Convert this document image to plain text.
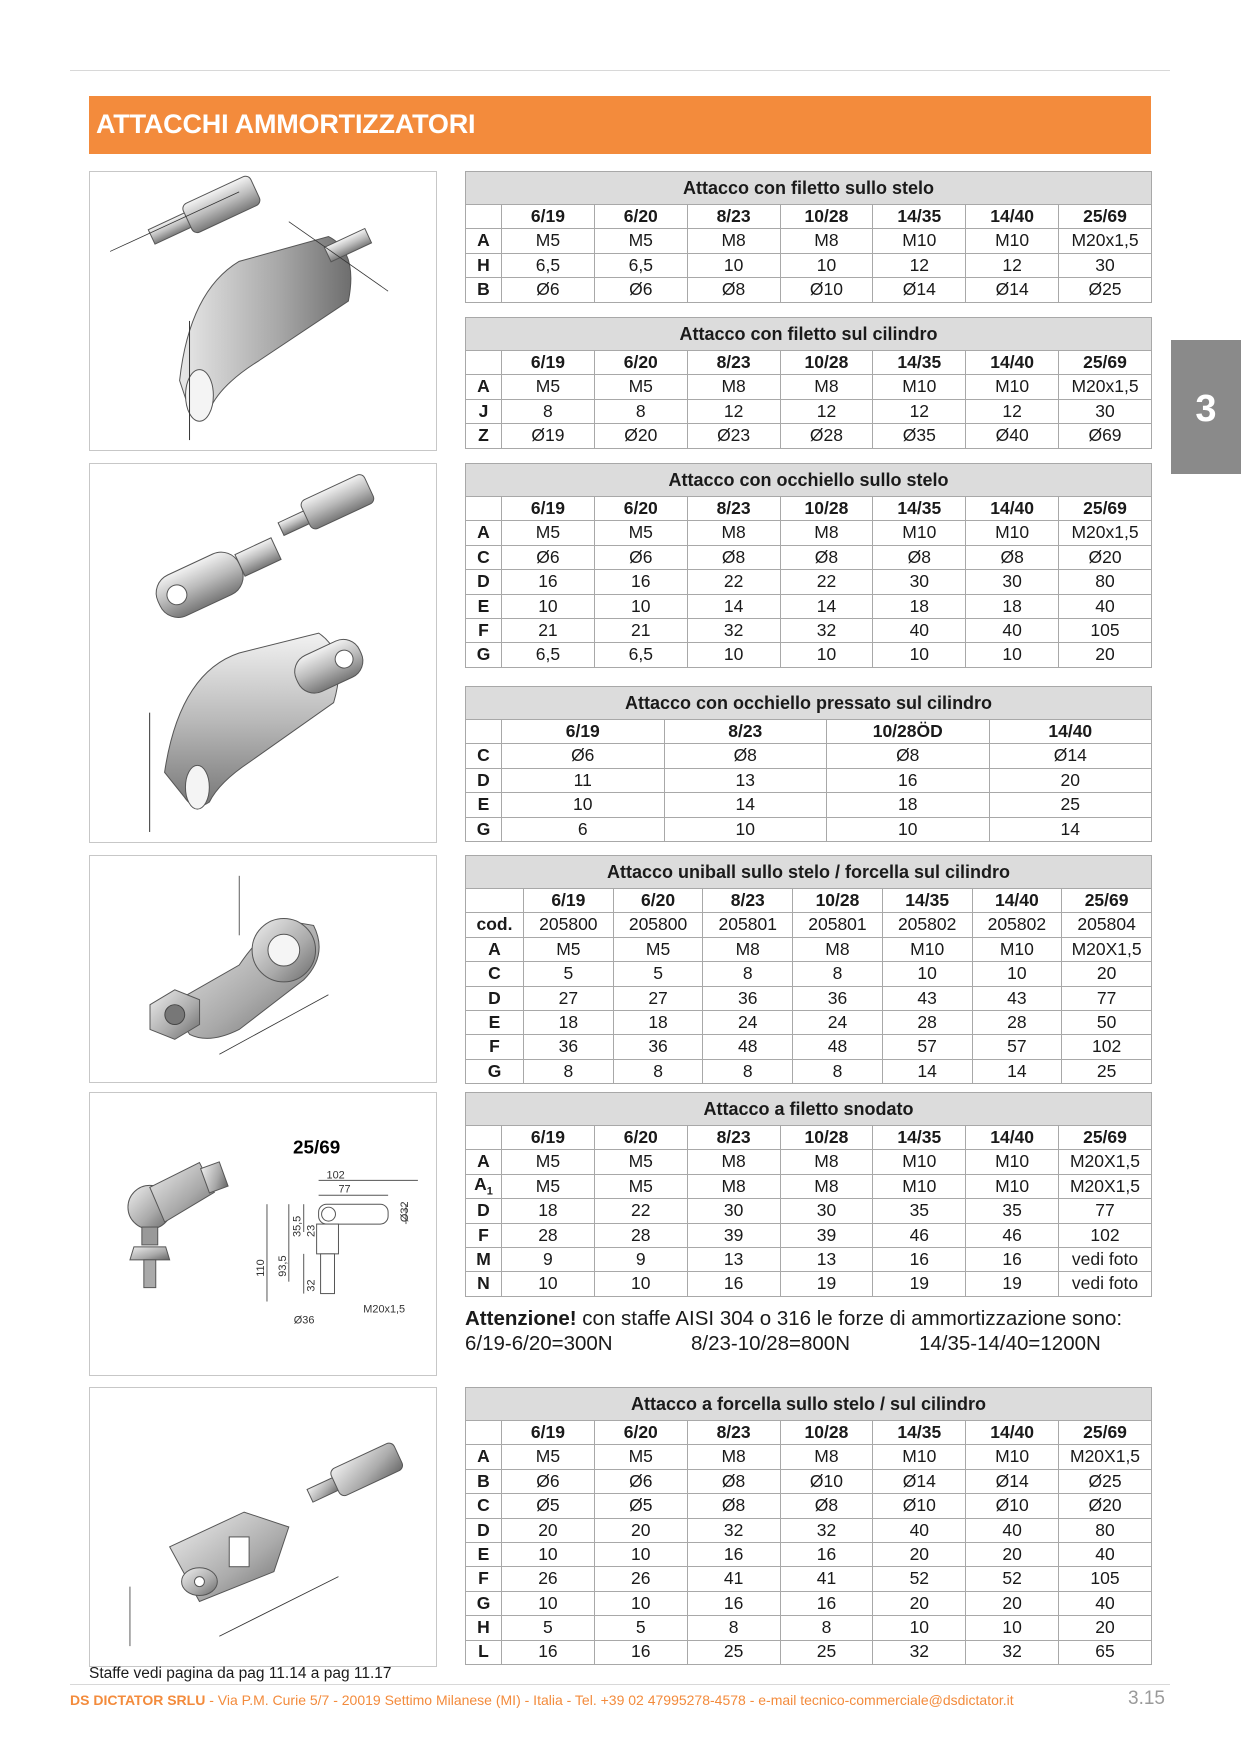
ATTACCHI AMMORTIZZATORI
3
25/69
102
77
Ø32
110 93,5
35,5 23
32
Ø36
M20x1,5
Attacco con filetto sullo stelo							
	6/19	6/20	8/23	10/28	14/35	14/40	25/69
A	M5	M5	M8	M8	M10	M10	M20x1,5
H	6,5	6,5	10	10	12	12	30
B	Ø6	Ø6	Ø8	Ø10	Ø14	Ø14	Ø25
Attacco con filetto sul cilindro							
	6/19	6/20	8/23	10/28	14/35	14/40	25/69
A	M5	M5	M8	M8	M10	M10	M20x1,5
J	8	8	12	12	12	12	30
Z	Ø19	Ø20	Ø23	Ø28	Ø35	Ø40	Ø69
Attacco con occhiello sullo stelo							
	6/19	6/20	8/23	10/28	14/35	14/40	25/69
A	M5	M5	M8	M8	M10	M10	M20x1,5
C	Ø6	Ø6	Ø8	Ø8	Ø8	Ø8	Ø20
D	16	16	22	22	30	30	80
E	10	10	14	14	18	18	40
F	21	21	32	32	40	40	105
G	6,5	6,5	10	10	10	10	20
Attacco con occhiello pressato sul cilindro				
	6/19	8/23	10/28ÖD	14/40
C	Ø6	Ø8	Ø8	Ø14
D	11	13	16	20
E	10	14	18	25
G	6	10	10	14
Attacco uniball sullo stelo / forcella sul cilindro							
	6/19	6/20	8/23	10/28	14/35	14/40	25/69
cod.	205800	205800	205801	205801	205802	205802	205804
A	M5	M5	M8	M8	M10	M10	M20X1,5
C	5	5	8	8	10	10	20
D	27	27	36	36	43	43	77
E	18	18	24	24	28	28	50
F	36	36	48	48	57	57	102
G	8	8	8	8	14	14	25
Attacco a filetto snodato							
	6/19	6/20	8/23	10/28	14/35	14/40	25/69
A	M5	M5	M8	M8	M10	M10	M20X1,5
$A_1$	M5	M5	M8	M8	M10	M10	M20X1,5
D	18	22	30	30	35	35	77
F	28	28	39	39	46	46	102
M	9	9	13	13	16	16	vedi foto
N	10	10	16	19	19	19	vedi foto
Attacco a forcella sullo stelo / sul cilindro							
	6/19	6/20	8/23	10/28	14/35	14/40	25/69
A	M5	M5	M8	M8	M10	M10	M20X1,5
B	Ø6	Ø6	Ø8	Ø10	Ø14	Ø14	Ø25
C	Ø5	Ø5	Ø8	Ø8	Ø10	Ø10	Ø20
D	20	20	32	32	40	40	80
E	10	10	16	16	20	20	40
F	26	26	41	41	52	52	105
G	10	10	16	16	20	20	40
H	5	5	8	8	10	10	20
L	16	16	25	25	32	32	65
Attenzione! con staffe AISI 304 o 316 le forze di ammortizzazione sono:
6/19-6/20=300N	8/23-10/28=800N	14/35-14/40=1200N
Staffe vedi pagina da pag 11.14 a pag 11.17
DS DICTATOR SRLU - Via P.M. Curie 5/7 - 20019 Settimo Milanese (MI) - Italia - Tel. +39 02 47995278-4578 - e-mail tecnico-commerciale@dsdictator.it	3.15
